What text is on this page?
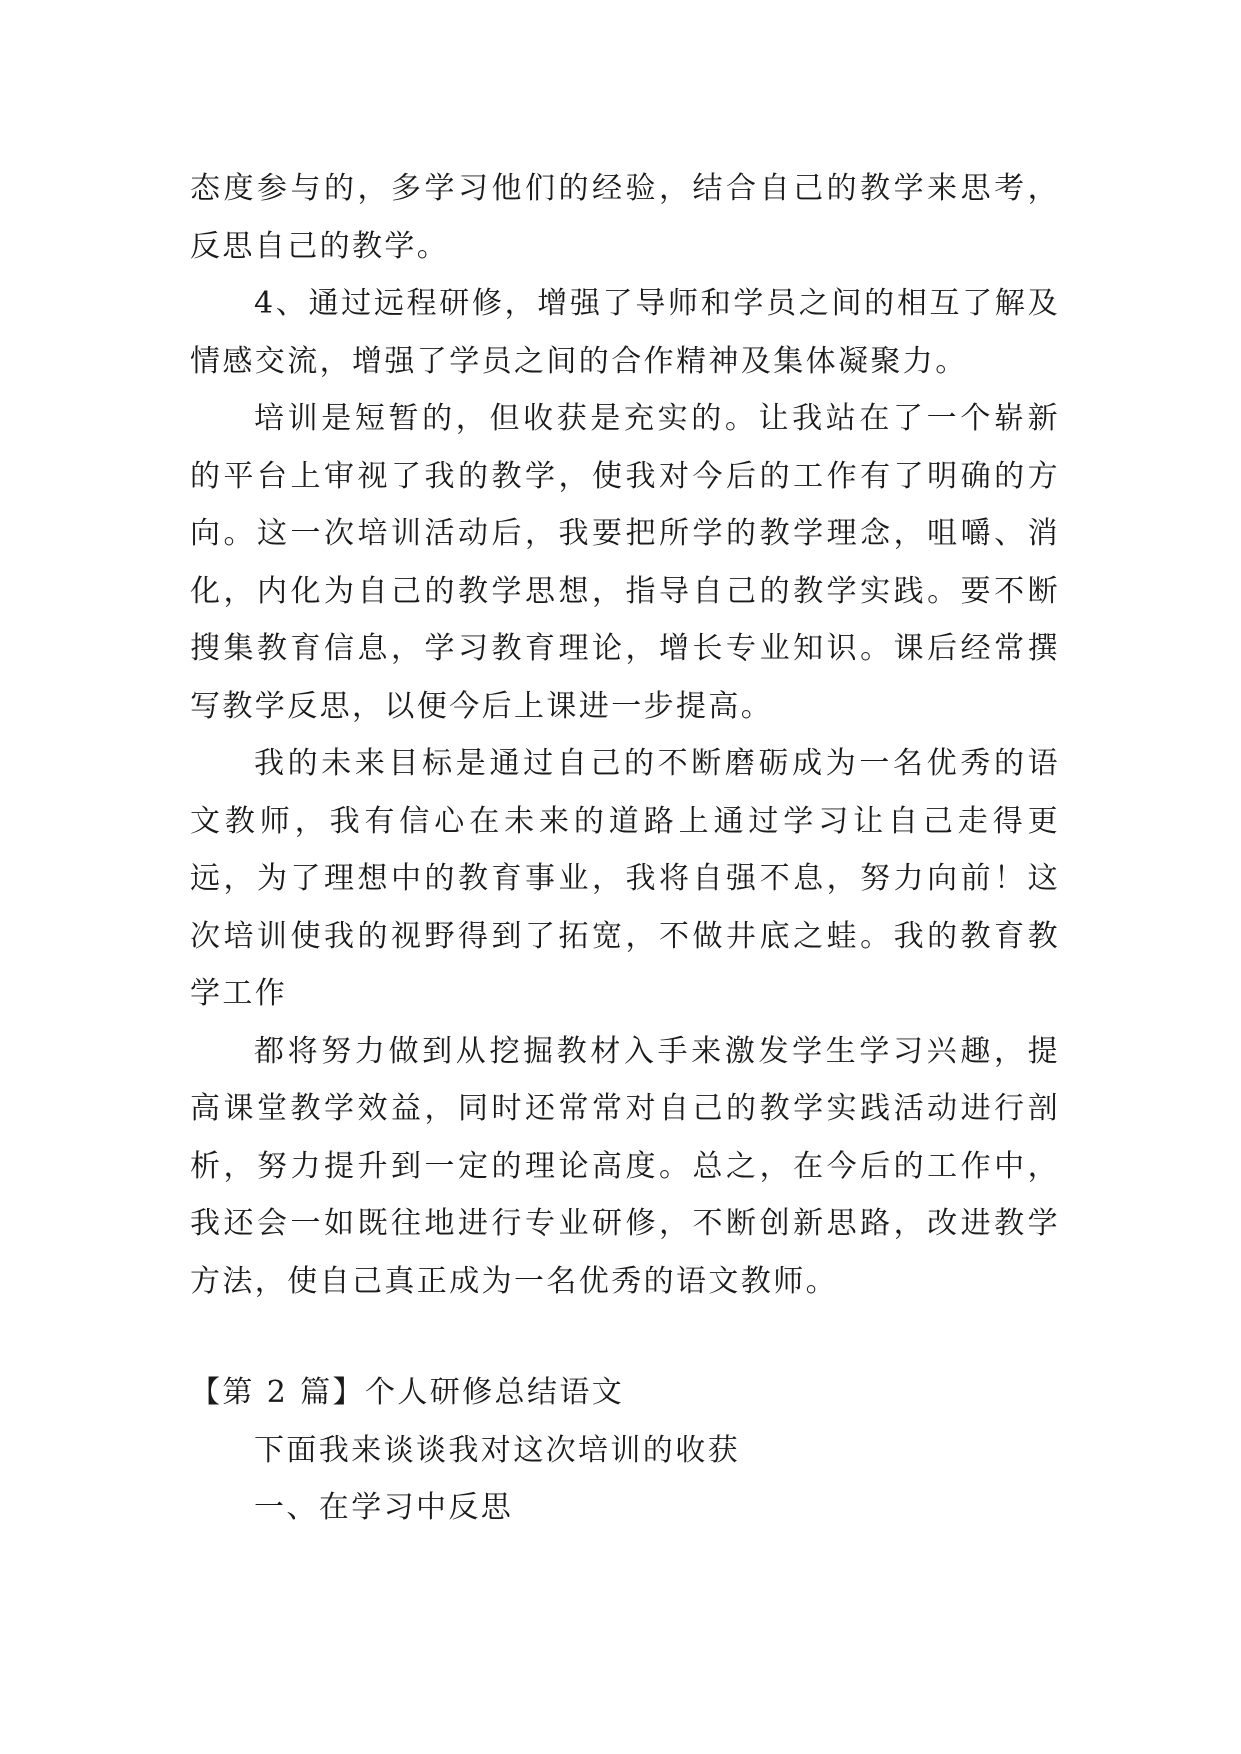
态度参与的，多学习他们的经验，结合自己的教学来思考，反思自己的教学。

4、通过远程研修，增强了导师和学员之间的相互了解及情感交流，增强了学员之间的合作精神及集体凝聚力。

培训是短暂的，但收获是充实的。让我站在了一个崭新的平台上审视了我的教学，使我对今后的工作有了明确的方向。这一次培训活动后，我要把所学的教学理念，咀嚼、消化，内化为自己的教学思想，指导自己的教学实践。要不断搜集教育信息，学习教育理论，增长专业知识。课后经常撰写教学反思，以便今后上课进一步提高。

我的未来目标是通过自己的不断磨砺成为一名优秀的语文教师，我有信心在未来的道路上通过学习让自己走得更远，为了理想中的教育事业，我将自强不息，努力向前！这次培训使我的视野得到了拓宽，不做井底之蛙。我的教育教学工作

都将努力做到从挖掘教材入手来激发学生学习兴趣，提高课堂教学效益，同时还常常对自己的教学实践活动进行剖析，努力提升到一定的理论高度。总之，在今后的工作中，我还会一如既往地进行专业研修，不断创新思路，改进教学方法，使自己真正成为一名优秀的语文教师。

【第 2 篇】个人研修总结语文

下面我来谈谈我对这次培训的收获

一、在学习中反思
